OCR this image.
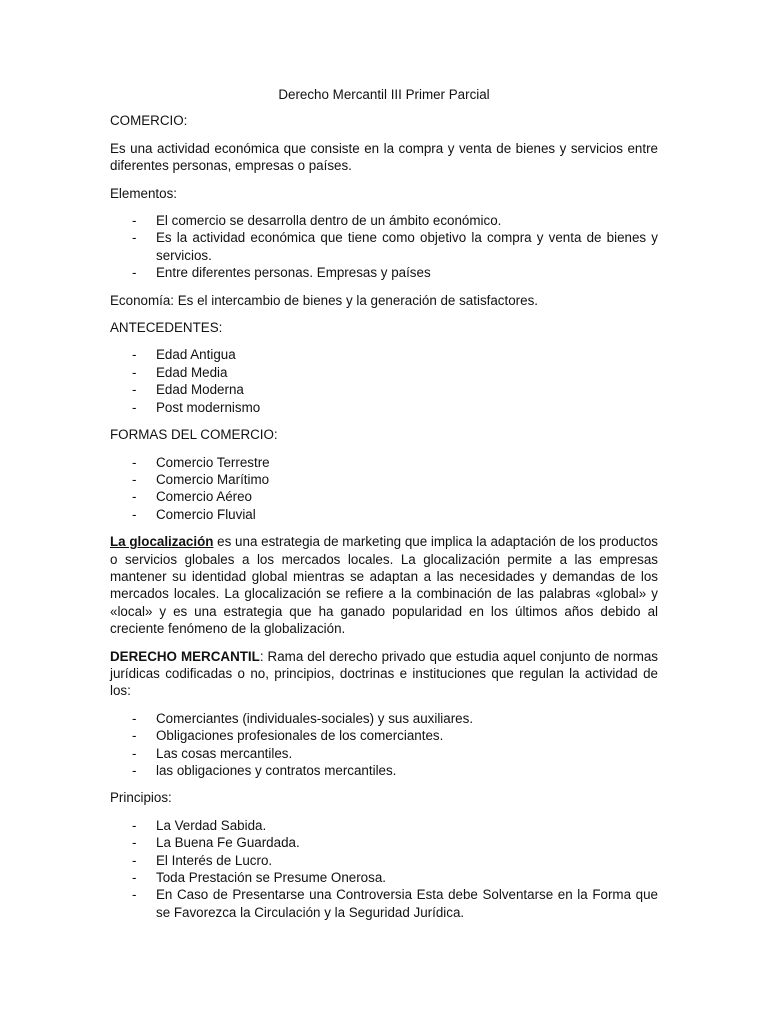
Derecho Mercantil III Primer Parcial

COMERCIO:

Es una actividad económica que consiste en la compra y venta de bienes y servicios entre diferentes personas, empresas o países.

Elementos:

- El comercio se desarrolla dentro de un ámbito económico.
- Es la actividad económica que tiene como objetivo la compra y venta de bienes y servicios.
- Entre diferentes personas. Empresas y países

Economía: Es el intercambio de bienes y la generación de satisfactores.

ANTECEDENTES:

- Edad Antigua
- Edad Media
- Edad Moderna
- Post modernismo

FORMAS DEL COMERCIO:

- Comercio Terrestre
- Comercio Marítimo
- Comercio Aéreo
- Comercio Fluvial

La glocalización es una estrategia de marketing que implica la adaptación de los productos o servicios globales a los mercados locales. La glocalización permite a las empresas mantener su identidad global mientras se adaptan a las necesidades y demandas de los mercados locales. La glocalización se refiere a la combinación de las palabras «global» y «local» y es una estrategia que ha ganado popularidad en los últimos años debido al creciente fenómeno de la globalización.

DERECHO MERCANTIL: Rama del derecho privado que estudia aquel conjunto de normas jurídicas codificadas o no, principios, doctrinas e instituciones que regulan la actividad de los:

- Comerciantes (individuales-sociales) y sus auxiliares.
- Obligaciones profesionales de los comerciantes.
- Las cosas mercantiles.
- las obligaciones y contratos mercantiles.

Principios:

- La Verdad Sabida.
- La Buena Fe Guardada.
- El Interés de Lucro.
- Toda Prestación se Presume Onerosa.
- En Caso de Presentarse una Controversia Esta debe Solventarse en la Forma que se Favorezca la Circulación y la Seguridad Jurídica.
